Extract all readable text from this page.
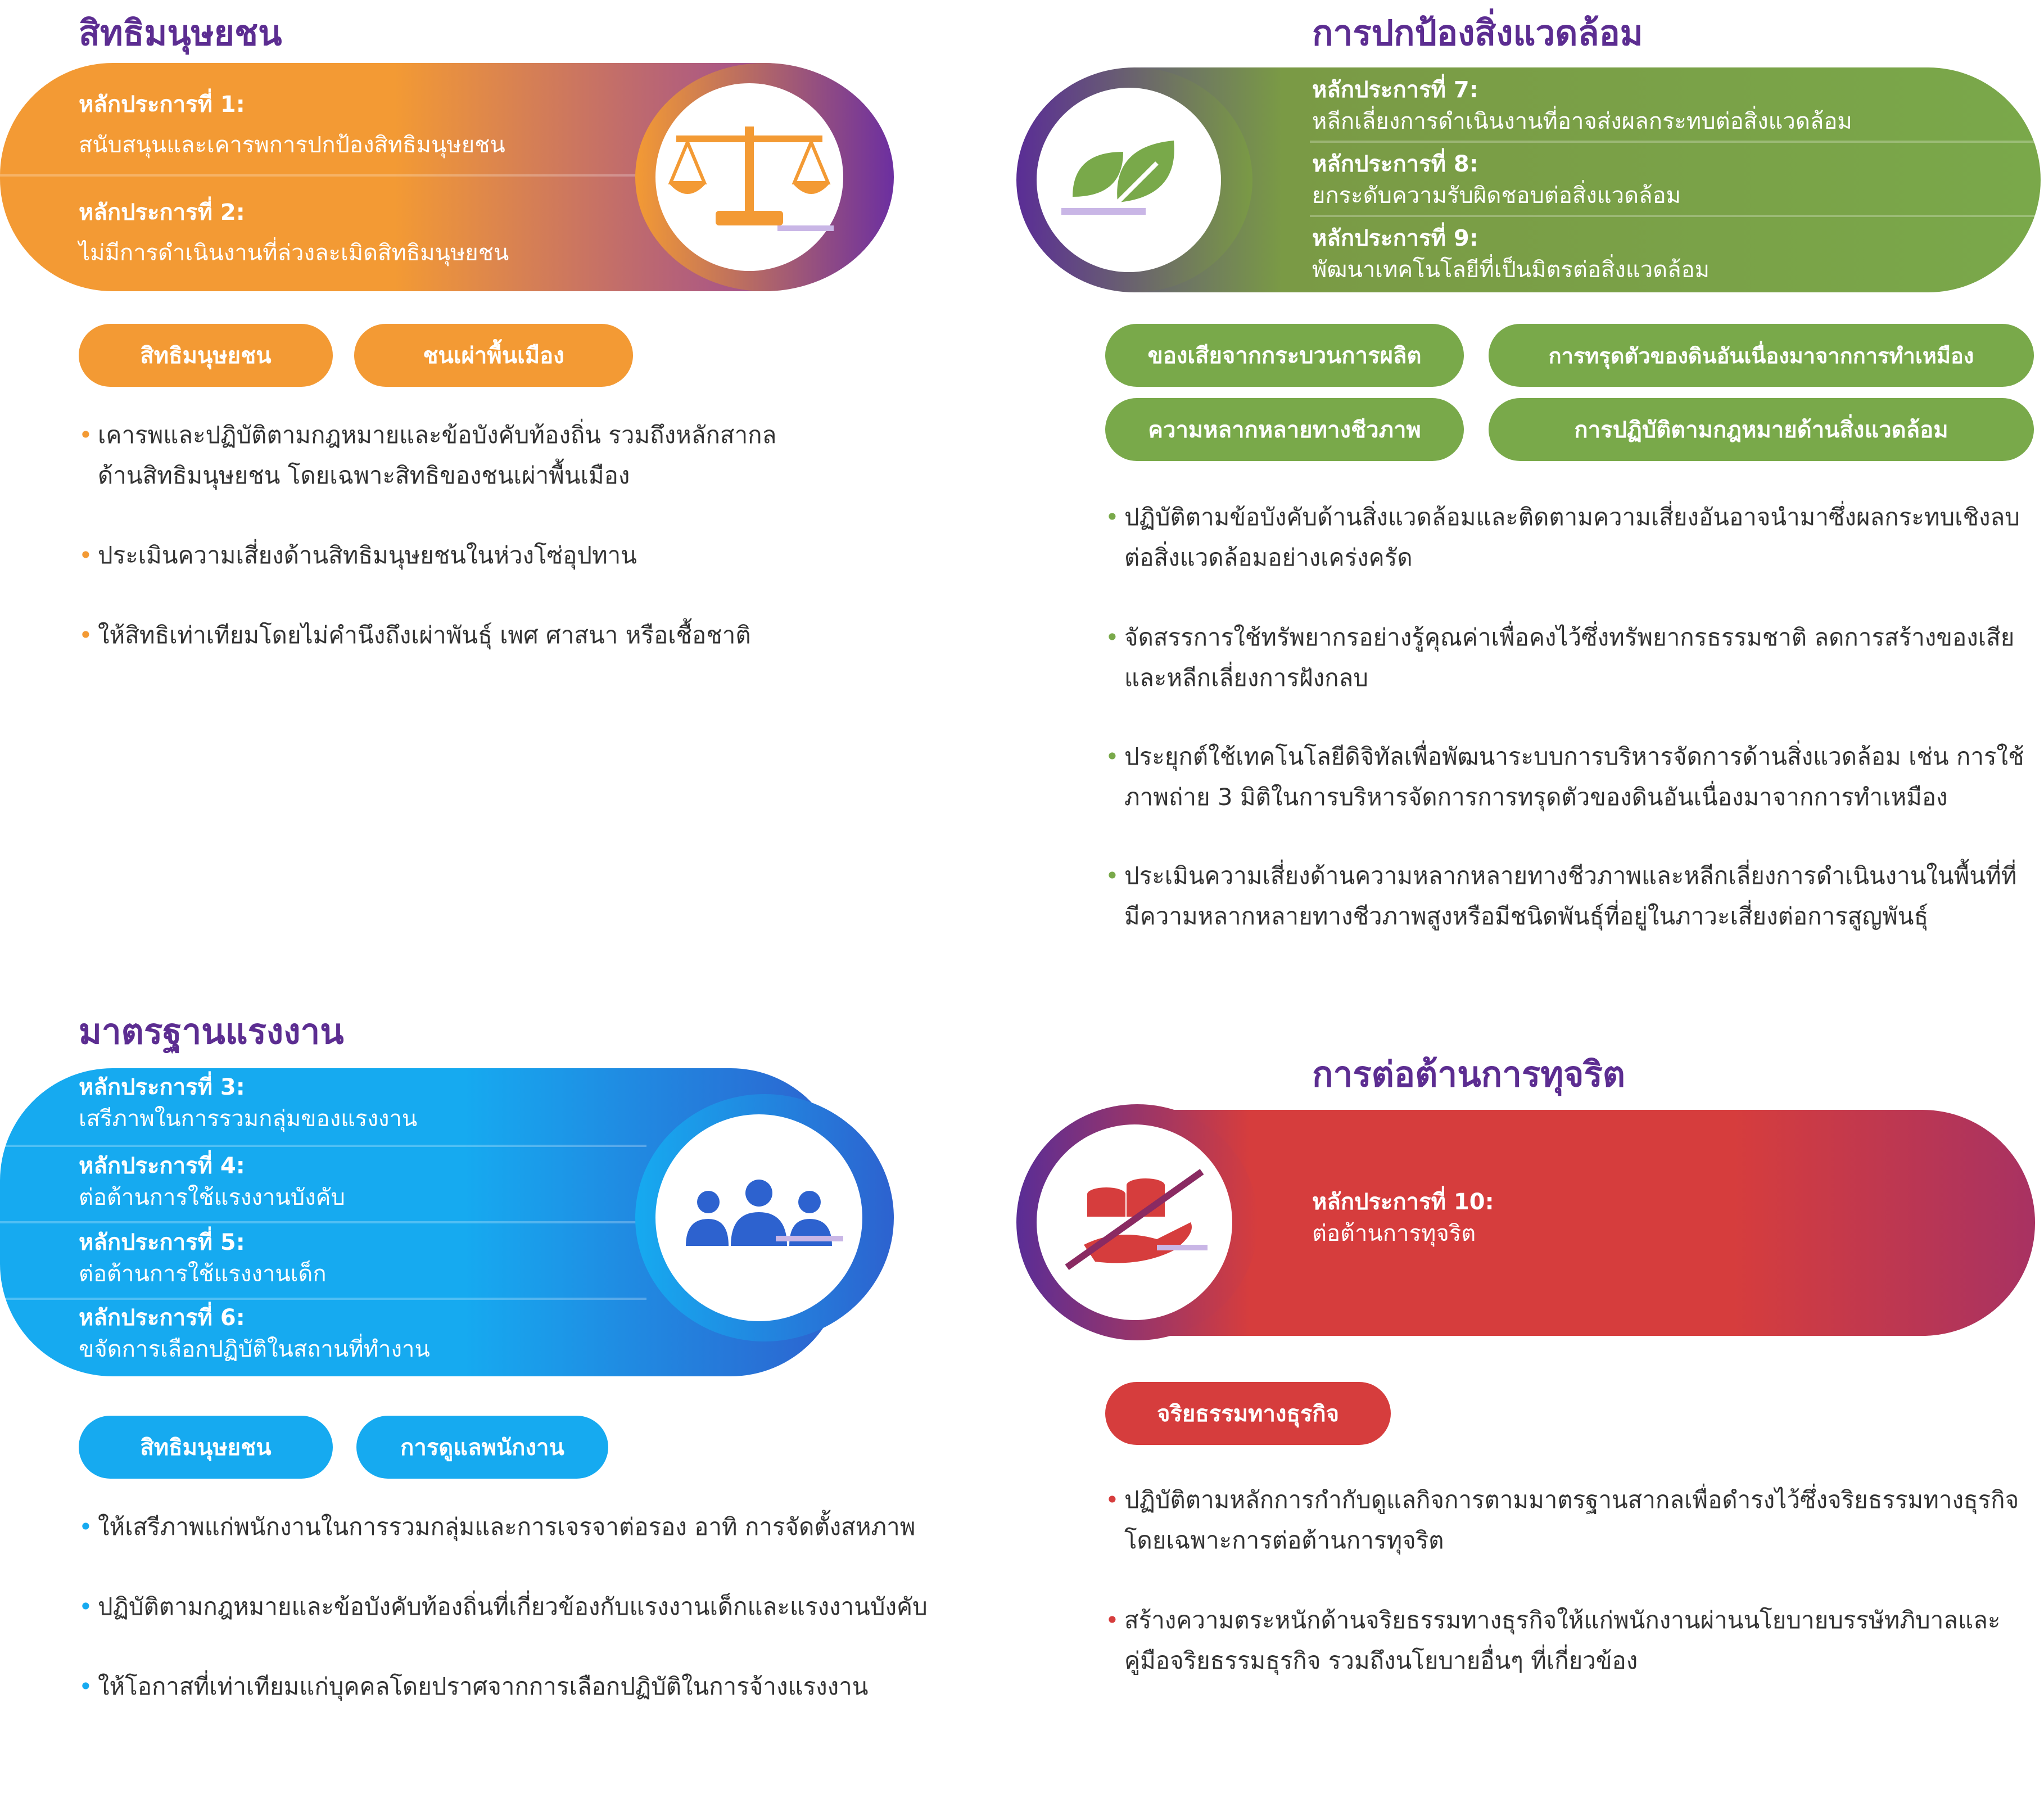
สิทธิมนุษยชน
หลักประการที่ 1:
สนับสนุนและเคารพการปกป้องสิทธิมนุษยชน
หลักประการที่ 2:
ไม่มีการดำเนินงานที่ล่วงละเมิดสิทธิมนุษยชน
สิทธิมนุษยชน	ชนเผ่าพื้นเมือง
• เคารพและปฏิบัติตามกฎหมายและข้อบังคับท้องถิ่น รวมถึงหลักสากลด้านสิทธิมนุษยชน โดยเฉพาะสิทธิของชนเผ่าพื้นเมือง
• ประเมินความเสี่ยงด้านสิทธิมนุษยชนในห่วงโซ่อุปทาน
• ให้สิทธิเท่าเทียมโดยไม่คำนึงถึงเผ่าพันธุ์ เพศ ศาสนา หรือเชื้อชาติ
การปกป้องสิ่งแวดล้อม
หลักประการที่ 7:
หลีกเลี่ยงการดำเนินงานที่อาจส่งผลกระทบต่อสิ่งแวดล้อม
หลักประการที่ 8:
ยกระดับความรับผิดชอบต่อสิ่งแวดล้อม
หลักประการที่ 9:
พัฒนาเทคโนโลยีที่เป็นมิตรต่อสิ่งแวดล้อม
ของเสียจากกระบวนการผลิต	การทรุดตัวของดินอันเนื่องมาจากการทำเหมือง
ความหลากหลายทางชีวภาพ	การปฏิบัติตามกฎหมายด้านสิ่งแวดล้อม
• ปฏิบัติตามข้อบังคับด้านสิ่งแวดล้อมและติดตามความเสี่ยงอันอาจนำมาซึ่งผลกระทบเชิงลบต่อสิ่งแวดล้อมอย่างเคร่งครัด
• จัดสรรการใช้ทรัพยากรอย่างรู้คุณค่าเพื่อคงไว้ซึ่งทรัพยากรธรรมชาติ ลดการสร้างของเสียและหลีกเลี่ยงการฝังกลบ
• ประยุกต์ใช้เทคโนโลยีดิจิทัลเพื่อพัฒนาระบบการบริหารจัดการด้านสิ่งแวดล้อม เช่น การใช้ภาพถ่าย 3 มิติในการบริหารจัดการการทรุดตัวของดินอันเนื่องมาจากการทำเหมือง
• ประเมินความเสี่ยงด้านความหลากหลายทางชีวภาพและหลีกเลี่ยงการดำเนินงานในพื้นที่ที่มีความหลากหลายทางชีวภาพสูงหรือมีชนิดพันธุ์ที่อยู่ในภาวะเสี่ยงต่อการสูญพันธุ์
มาตรฐานแรงงาน
หลักประการที่ 3:
เสรีภาพในการรวมกลุ่มของแรงงาน
หลักประการที่ 4:
ต่อต้านการใช้แรงงานบังคับ
หลักประการที่ 5:
ต่อต้านการใช้แรงงานเด็ก
หลักประการที่ 6:
ขจัดการเลือกปฏิบัติในสถานที่ทำงาน
สิทธิมนุษยชน	การดูแลพนักงาน
• ให้เสรีภาพแก่พนักงานในการรวมกลุ่มและการเจรจาต่อรอง อาทิ การจัดตั้งสหภาพ
• ปฏิบัติตามกฎหมายและข้อบังคับท้องถิ่นที่เกี่ยวข้องกับแรงงานเด็กและแรงงานบังคับ
• ให้โอกาสที่เท่าเทียมแก่บุคคลโดยปราศจากการเลือกปฏิบัติในการจ้างแรงงาน
การต่อต้านการทุจริต
หลักประการที่ 10:
ต่อต้านการทุจริต
จริยธรรมทางธุรกิจ
• ปฏิบัติตามหลักการกำกับดูแลกิจการตามมาตรฐานสากลเพื่อดำรงไว้ซึ่งจริยธรรมทางธุรกิจโดยเฉพาะการต่อต้านการทุจริต
• สร้างความตระหนักด้านจริยธรรมทางธุรกิจให้แก่พนักงานผ่านนโยบายบรรษัทภิบาลและคู่มือจริยธรรมธุรกิจ รวมถึงนโยบายอื่นๆ ที่เกี่ยวข้อง
